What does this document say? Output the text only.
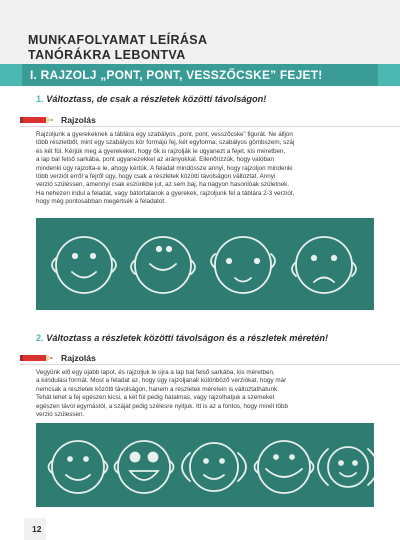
MUNKAFOLYAMAT LEÍRÁSA
TANÓRÁKRA LEBONTVA
I. RAJZOLJ „PONT, PONT, VESSZŐCSKE” FEJET!
1. Változtass, de csak a részletek közötti távolságon!
Rajzolás

Rajzoljunk a gyerekeknek a táblára egy szabályos „pont, pont, vesszőcske” figurát. Ne álljon

több részletből, mint egy szabályos kör formájú fej, két egyforma, szabályos gömbszem, száj

és két fül. Kérjük meg a gyerekeket, hogy ők is rajzolják le ugyanezt a fejet, kis méretben,

a lap bal felső sarkába, pont ugyanezekkel az arányokkal. Ellenőrizzük, hogy valóban

mindenki úgy rajzolta-e le, ahogy kértük. A feladat mindössze annyi, hogy rajzoljon mindenki

több verziót erről a fejről úgy, hogy csak a részletek közötti távolságon változtat. Annyi

verzió szülessen, amennyi csak eszünkbe jut, az sem baj, ha nagyon hasonlóak születnek.

Ha nehezen indul a feladat, vagy bátortalanok a gyerekek, rajzoljunk fel a táblára 2-3 verziót,

hogy még pontosabban megértsék a feladatot.

2. Változtass a részletek közötti távolságon és a részletek méretén!
Rajzolás

Vegyünk elő egy újabb lapot, és rajzoljuk le újra a lap bal felső sarkába, kis méretben,

a kiindulási formát. Most a feladat az, hogy úgy rajzoljanak különböző verziókat, hogy már

nemcsak a részletek közötti távolságon, hanem a részletek méretein is változtathatunk.

Tehát lehet a fej egészen kicsi, a két fül pedig hatalmas, vagy rajzolhatjuk a szemeket

egészen távol egymástól, a szájat pedig szélesre nyitjuk. Itt is az a fontos, hogy minél több

verzió szülessen.

12
